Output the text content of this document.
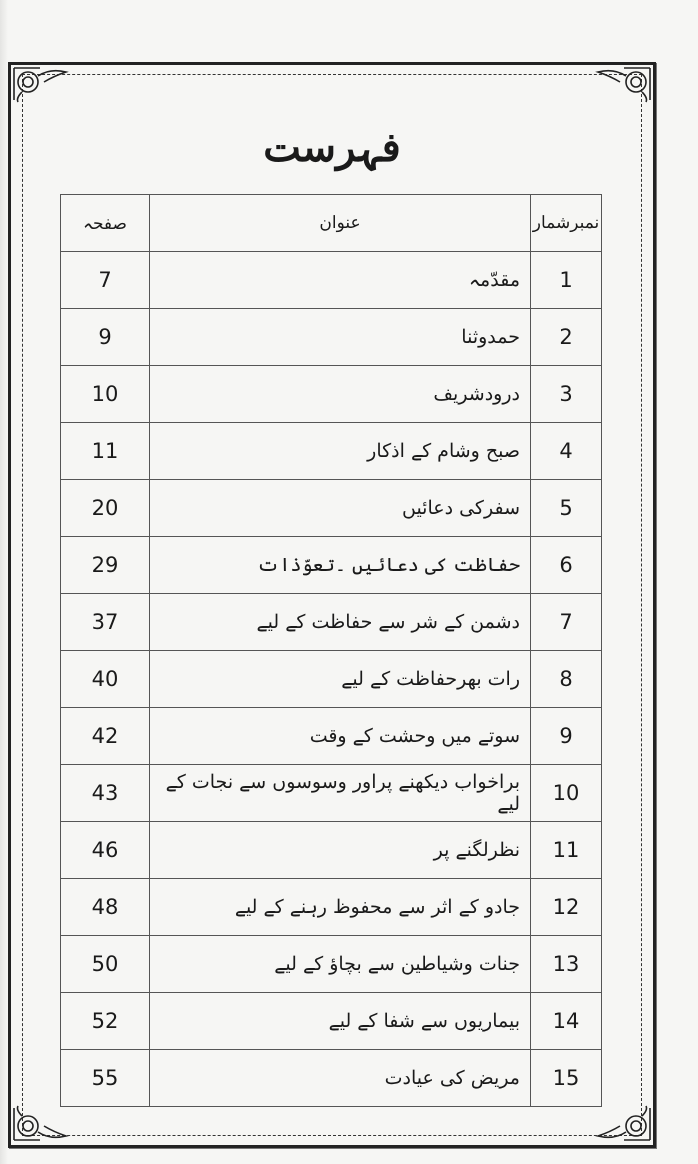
فہرست
نمبرشمار	عنوان	صفحہ
1	مقدّمہ	7
2	حمدوثنا	9
3	درودشریف	10
4	صبح وشام کے اذکار	11
5	سفرکی دعائیں	20
6	حفاظت کی دعائیں ۔تعوّذات	29
7	دشمن کے شر سے حفاظت کے لیے	37
8	رات بھرحفاظت کے لیے	40
9	سوتے میں وحشت کے وقت	42
10	براخواب دیکھنے پراور وسوسوں سے نجات کے لیے	43
11	نظرلگنے پر	46
12	جادو کے اثر سے محفوظ رہنے کے لیے	48
13	جنات وشیاطین سے بچاؤ کے لیے	50
14	بیماریوں سے شفا کے لیے	52
15	مریض کی عیادت	55
